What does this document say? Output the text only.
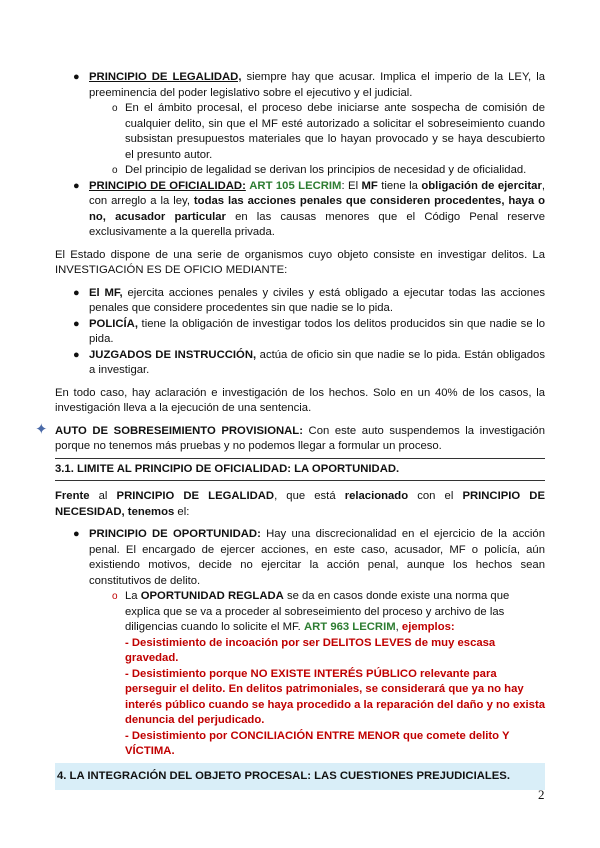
● PRINCIPIO DE LEGALIDAD, siempre hay que acusar. Implica el imperio de la LEY, la preeminencia del poder legislativo sobre el ejecutivo y el judicial.
o En el ámbito procesal, el proceso debe iniciarse ante sospecha de comisión de cualquier delito, sin que el MF esté autorizado a solicitar el sobreseimiento cuando subsistan presupuestos materiales que lo hayan provocado y se haya descubierto el presunto autor.
o Del principio de legalidad se derivan los principios de necesidad y de oficialidad.
● PRINCIPIO DE OFICIALIDAD: ART 105 LECRIM: El MF tiene la obligación de ejercitar, con arreglo a la ley, todas las acciones penales que consideren procedentes, haya o no, acusador particular en las causas menores que el Código Penal reserve exclusivamente a la querella privada.

El Estado dispone de una serie de organismos cuyo objeto consiste en investigar delitos. La INVESTIGACIÓN ES DE OFICIO MEDIANTE:

● El MF, ejercita acciones penales y civiles y está obligado a ejecutar todas las acciones penales que considere procedentes sin que nadie se lo pida.
● POLICÍA, tiene la obligación de investigar todos los delitos producidos sin que nadie se lo pida.
● JUZGADOS DE INSTRUCCIÓN, actúa de oficio sin que nadie se lo pida. Están obligados a investigar.

En todo caso, hay aclaración e investigación de los hechos. Solo en un 40% de los casos, la investigación lleva a la ejecución de una sentencia.

✦ AUTO DE SOBRESEIMIENTO PROVISIONAL: Con este auto suspendemos la investigación porque no tenemos más pruebas y no podemos llegar a formular un proceso.

3.1. LIMITE AL PRINCIPIO DE OFICIALIDAD: LA OPORTUNIDAD.

Frente al PRINCIPIO DE LEGALIDAD, que está relacionado con el PRINCIPIO DE NECESIDAD, tenemos el:

● PRINCIPIO DE OPORTUNIDAD: Hay una discrecionalidad en el ejercicio de la acción penal. El encargado de ejercer acciones, en este caso, acusador, MF o policía, aún existiendo motivos, decide no ejercitar la acción penal, aunque los hechos sean constitutivos de delito.
o La OPORTUNIDAD REGLADA se da en casos donde existe una norma que explica que se va a proceder al sobreseimiento del proceso y archivo de las diligencias cuando lo solicite el MF. ART 963 LECRIM, ejemplos:
- Desistimiento de incoación por ser DELITOS LEVES de muy escasa gravedad.
- Desistimiento porque NO EXISTE INTERÉS PÚBLICO relevante para perseguir el delito. En delitos patrimoniales, se considerará que ya no hay interés público cuando se haya procedido a la reparación del daño y no exista denuncia del perjudicado.
- Desistimiento por CONCILIACIÓN ENTRE MENOR que comete delito Y VÍCTIMA.
4. LA INTEGRACIÓN DEL OBJETO PROCESAL: LAS CUESTIONES PREJUDICIALES.
2
